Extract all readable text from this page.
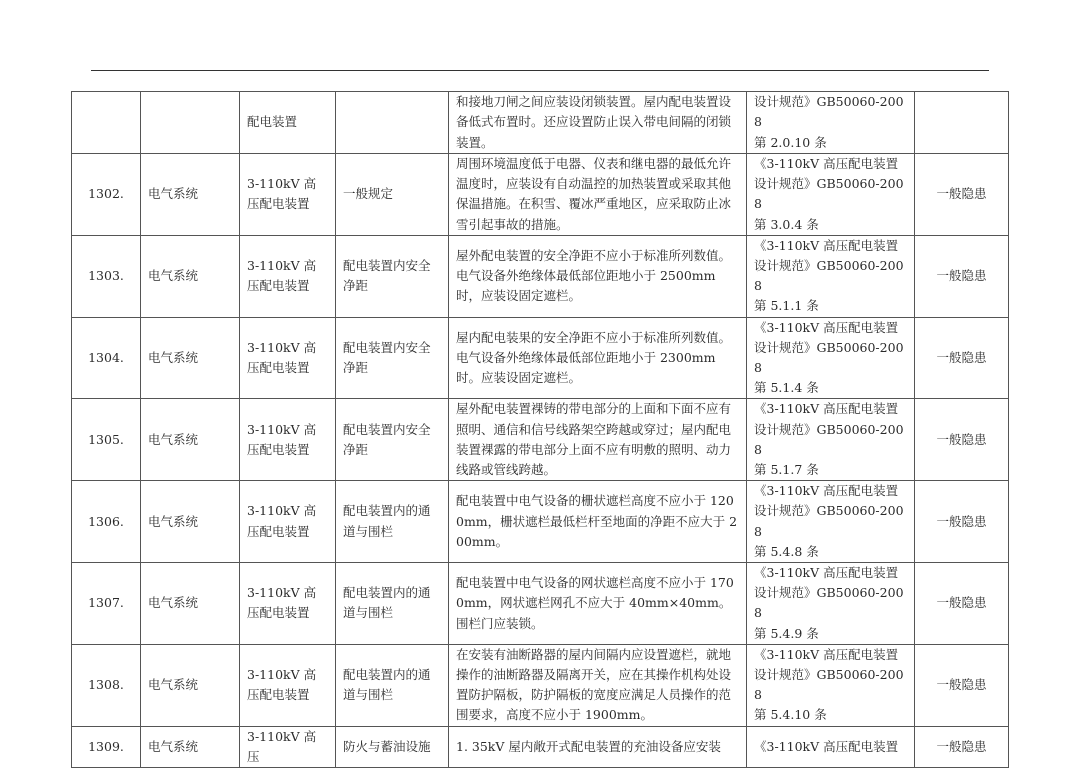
		配电装置		和接地刀闸之间应装设闭锁装置。屋内配电装置设备低式布置时。还应设置防止误入带电间隔的闭锁装置。	设计规范》GB50060-2008
第 2.0.10 条	
1302.	电气系统	3-110kV 高压配电装置	一般规定	周围环境温度低于电器、仪表和继电器的最低允许温度时，应装设有自动温控的加热装置或采取其他保温措施。在积雪、覆冰严重地区，应采取防止冰雪引起事故的措施。	《3-110kV 高压配电装置
设计规范》GB50060-2008
第 3.0.4 条	一般隐患
1303.	电气系统	3-110kV 高压配电装置	配电装置内安全净距	屋外配电装置的安全净距不应小于标准所列数值。电气设备外绝缘体最低部位距地小于 2500mm 时，应装设固定遮栏。	《3-110kV 高压配电装置
设计规范》GB50060-2008
第 5.1.1 条	一般隐患
1304.	电气系统	3-110kV 高压配电装置	配电装置内安全净距	屋内配电装果的安全净距不应小于标准所列数值。电气设备外绝缘体最低部位距地小于 2300mm 时。应装设固定遮栏。	《3-110kV 高压配电装置
设计规范》GB50060-2008
第 5.1.4 条	一般隐患
1305.	电气系统	3-110kV 高压配电装置	配电装置内安全净距	屋外配电装置裸铸的带电部分的上面和下面不应有照明、通信和信号线路架空跨越或穿过；屋内配电装置裸露的带电部分上面不应有明敷的照明、动力线路或管线跨越。	《3-110kV 高压配电装置
设计规范》GB50060-2008
第 5.1.7 条	一般隐患
1306.	电气系统	3-110kV 高压配电装置	配电装置内的通道与围栏	配电装置中电气设备的栅状遮栏高度不应小于 1200mm，栅状遮栏最低栏杆至地面的净距不应大于 200mm。	《3-110kV 高压配电装置
设计规范》GB50060-2008
第 5.4.8 条	一般隐患
1307.	电气系统	3-110kV 高压配电装置	配电装置内的通道与围栏	配电装置中电气设备的网状遮栏高度不应小于 1700mm，网状遮栏网孔不应大于 40mm×40mm。围栏门应装锁。	《3-110kV 高压配电装置
设计规范》GB50060-2008
第 5.4.9 条	一般隐患
1308.	电气系统	3-110kV 高压配电装置	配电装置内的通道与围栏	在安装有油断路器的屋内间隔内应设置遮栏，就地操作的油断路器及隔离开关，应在其操作机构处设置防护隔板，防护隔板的宽度应满足人员操作的范围要求，高度不应小于 1900mm。	《3-110kV 高压配电装置
设计规范》GB50060-2008
第 5.4.10 条	一般隐患
1309.	电气系统	3-110kV 高压	防火与蓄油设施	1. 35kV 屋内敞开式配电装置的充油设备应安装	《3-110kV 高压配电装置	一般隐患
